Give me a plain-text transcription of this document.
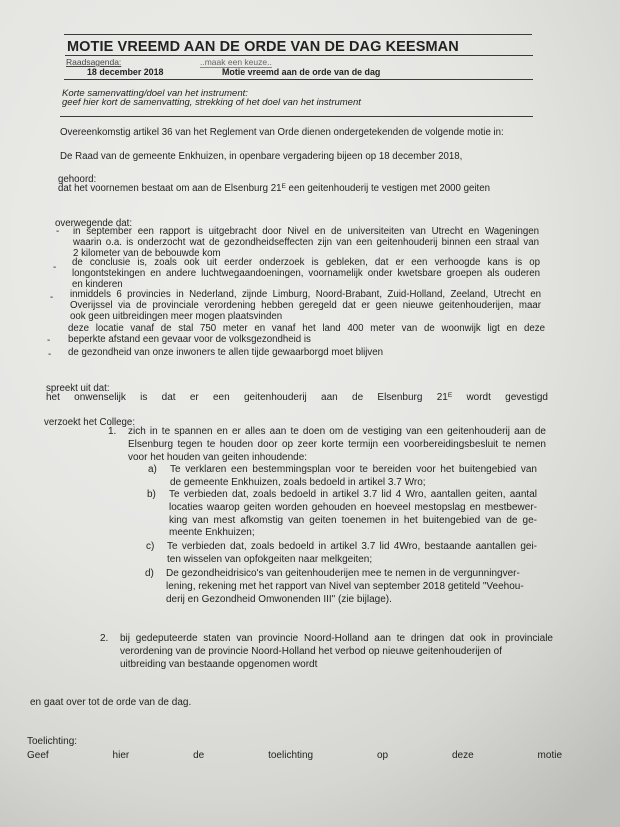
MOTIE VREEMD AAN DE ORDE VAN DE DAG KEESMAN
Raadsagenda:	..maak een keuze..
18 december 2018	Motie vreemd aan de orde van de dag
Korte samenvatting/doel van het instrument:
geef hier kort de samenvatting, strekking of het doel van het instrument
Overeenkomstig artikel 36 van het Reglement van Orde dienen ondergetekenden de volgende motie in:
De Raad van de gemeente Enkhuizen, in openbare vergadering bijeen op 18 december 2018,
gehoord:
dat het voornemen bestaat om aan de Elsenburg $21^E$ een geitenhouderij te vestigen met 2000 geiten
overwegende dat:
- in september een rapport is uitgebracht door Nivel en de universiteiten van Utrecht en Wageningen
waarin o.a. is onderzocht wat de gezondheidseffecten zijn van een geitenhouderij binnen een straal van
2 kilometer van de bebouwde kom
- de conclusie is, zoals ook uit eerder onderzoek is gebleken, dat er een verhoogde kans is op
longontstekingen en andere luchtwegaandoeningen, voornamelijk onder kwetsbare groepen als ouderen
en kinderen
- inmiddels 6 provincies in Nederland, zijnde Limburg, Noord-Brabant, Zuid-Holland, Zeeland, Utrecht en
Overijssel via de provinciale verordening hebben geregeld dat er geen nieuwe geitenhouderijen, maar
ook geen uitbreidingen meer mogen plaatsvinden
-
deze locatie vanaf de stal 750 meter en vanaf het land 400 meter van de woonwijk ligt en deze
beperkte afstand een gevaar voor de volksgezondheid is
- de gezondheid van onze inwoners te allen tijde gewaarborgd moet blijven
spreekt uit dat:
het onwenselijk is dat er een geitenhouderij aan de Elsenburg $21^E$ wordt gevestigd
verzoekt het College:
1. zich in te spannen en er alles aan te doen om de vestiging van een geitenhouderij aan de
Elsenburg tegen te houden door op zeer korte termijn een voorbereidingsbesluit te nemen
voor het houden van geiten inhoudende:
a) Te verklaren een bestemmingsplan voor te bereiden voor het buitengebied van
de gemeente Enkhuizen, zoals bedoeld in artikel 3.7 Wro;
b) Te verbieden dat, zoals bedoeld in artikel 3.7 lid 4 Wro, aantallen geiten, aantal
locaties waarop geiten worden gehouden en hoeveel mestopslag en mestbewer-
king van mest afkomstig van geiten toenemen in het buitengebied van de ge-
meente Enkhuizen;
c) Te verbieden dat, zoals bedoeld in artikel 3.7 lid 4Wro, bestaande aantallen gei-
ten wisselen van opfokgeiten naar melkgeiten;
d) De gezondheidrisico's van geitenhouderijen mee te nemen in de vergunningver-
lening, rekening met het rapport van Nivel van september 2018 getiteld "Veehou-
derij en Gezondheid Omwonenden III" (zie bijlage).
2. bij gedeputeerde staten van provincie Noord-Holland aan te dringen dat ook in provinciale
verordening van de provincie Noord-Holland het verbod op nieuwe geitenhouderijen of
uitbreiding van bestaande opgenomen wordt
en gaat over tot de orde van de dag.
Toelichting:
Geef hier de toelichting op deze motie
